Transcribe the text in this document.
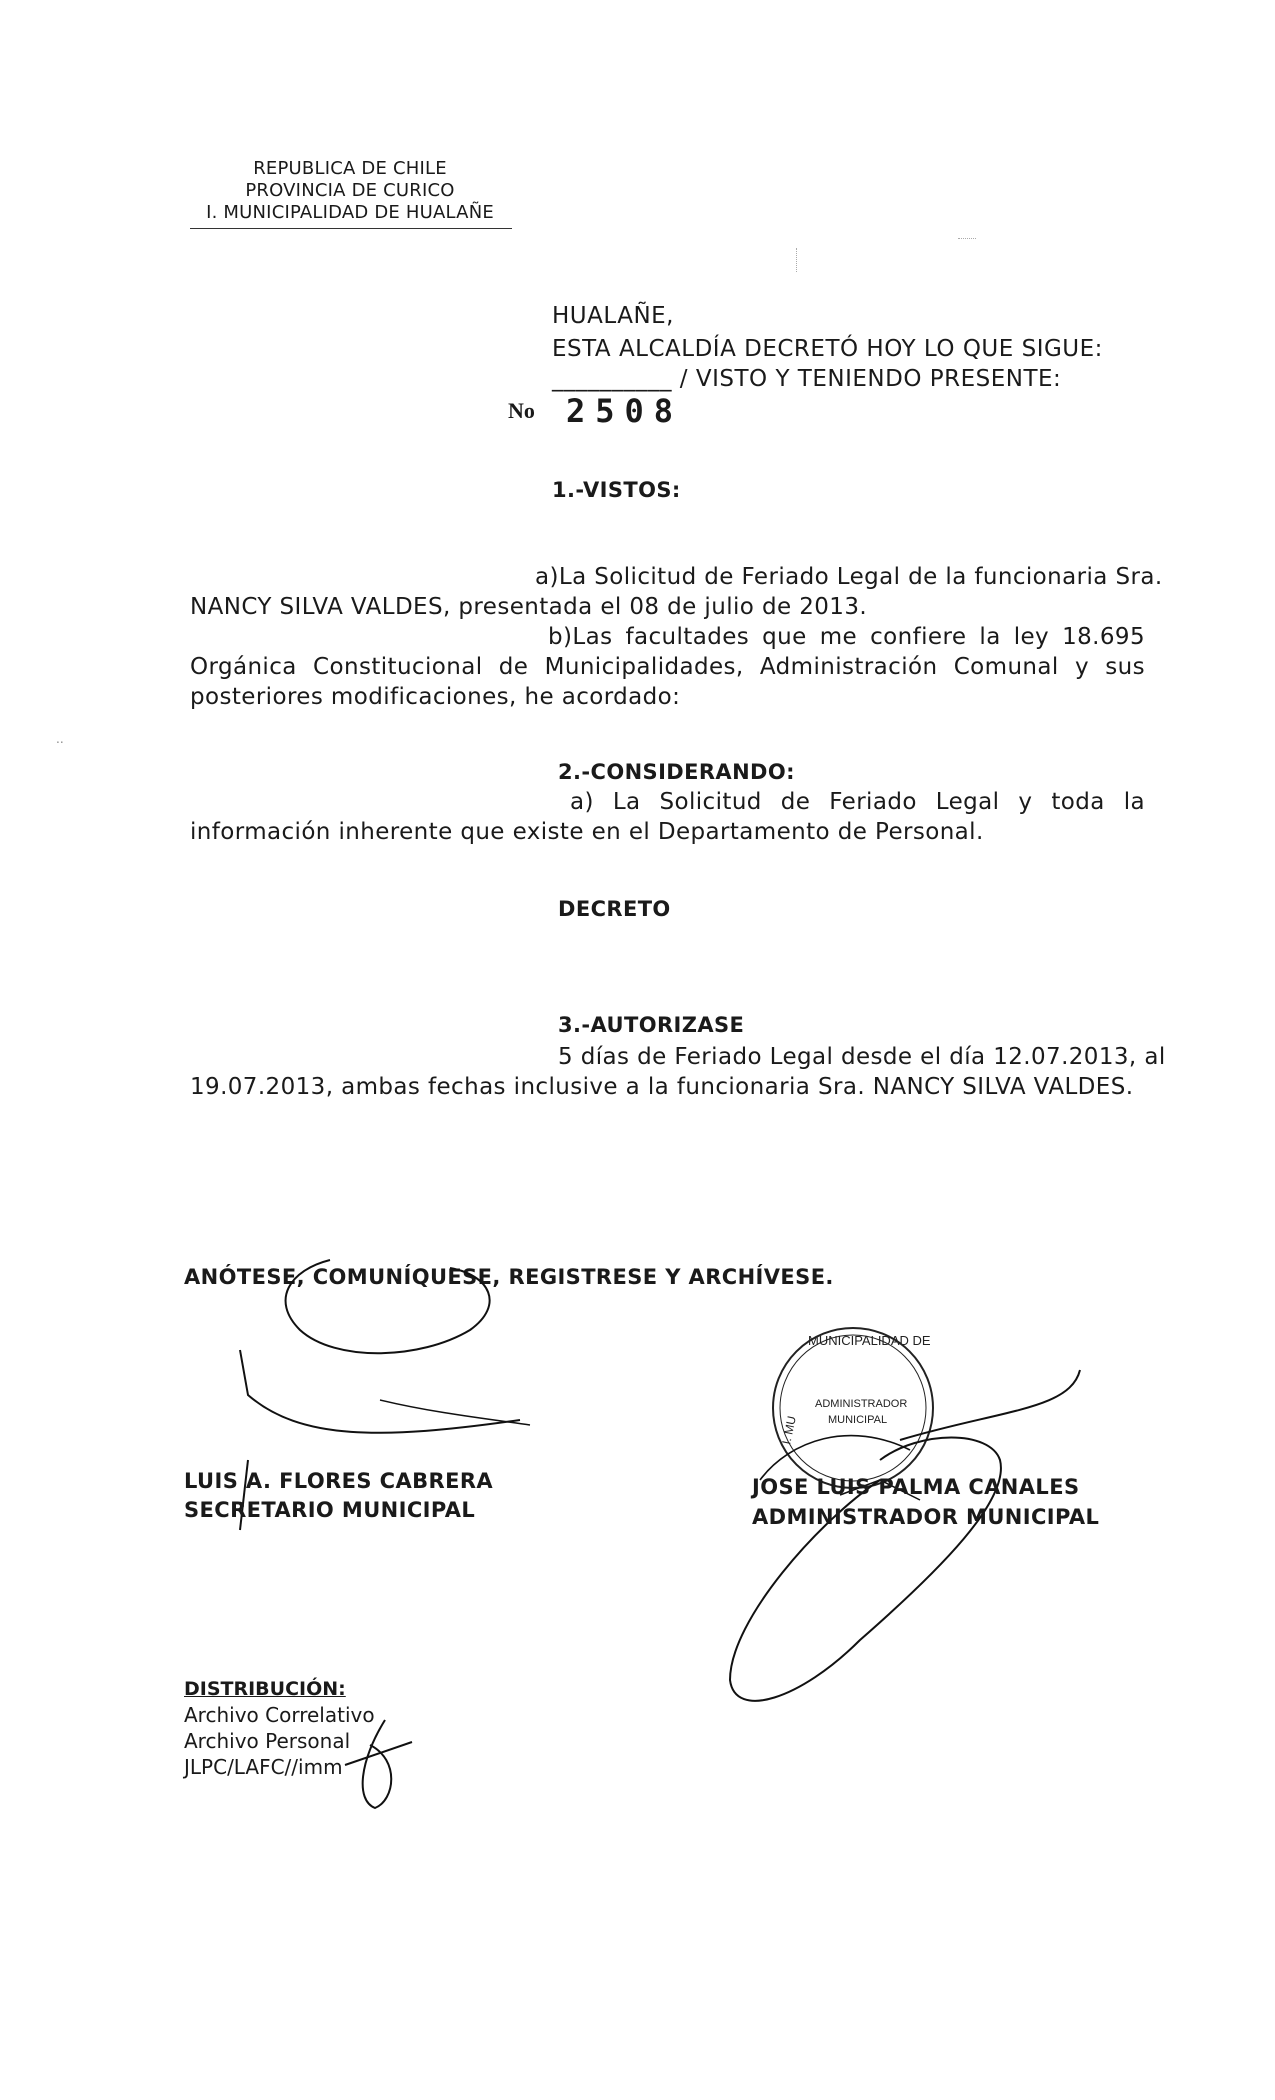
REPUBLICA DE CHILE
PROVINCIA DE CURICO
I. MUNICIPALIDAD DE HUALAÑE
HUALAÑE,
ESTA ALCALDÍA DECRETÓ HOY LO QUE SIGUE:
__________ / VISTO Y TENIENDO PRESENTE:
No 2508
1.-VISTOS:
a)La Solicitud de Feriado Legal de la funcionaria Sra.
NANCY SILVA VALDES, presentada el 08 de julio de 2013.
b)Las facultades que me confiere la ley 18.695
Orgánica Constitucional de Municipalidades, Administración Comunal y sus
posteriores modificaciones, he acordado:
2.-CONSIDERANDO:
a) La Solicitud de Feriado Legal y toda la
información inherente que existe en el Departamento de Personal.
DECRETO
3.-AUTORIZASE
5 días de Feriado Legal desde el día 12.07.2013, al
19.07.2013, ambas fechas inclusive a la funcionaria Sra. NANCY SILVA VALDES.
ANÓTESE, COMUNÍQUESE, REGISTRESE Y ARCHÍVESE.
LUIS A. FLORES CABRERA
SECRETARIO MUNICIPAL
MUNICIPALIDAD DE
ADMINISTRADOR
MUNICIPAL
I. MU
JOSE LUIS PALMA CANALES
ADMINISTRADOR MUNICIPAL
DISTRIBUCIÓN:
Archivo Correlativo
Archivo Personal
JLPC/LAFC//imm
..
